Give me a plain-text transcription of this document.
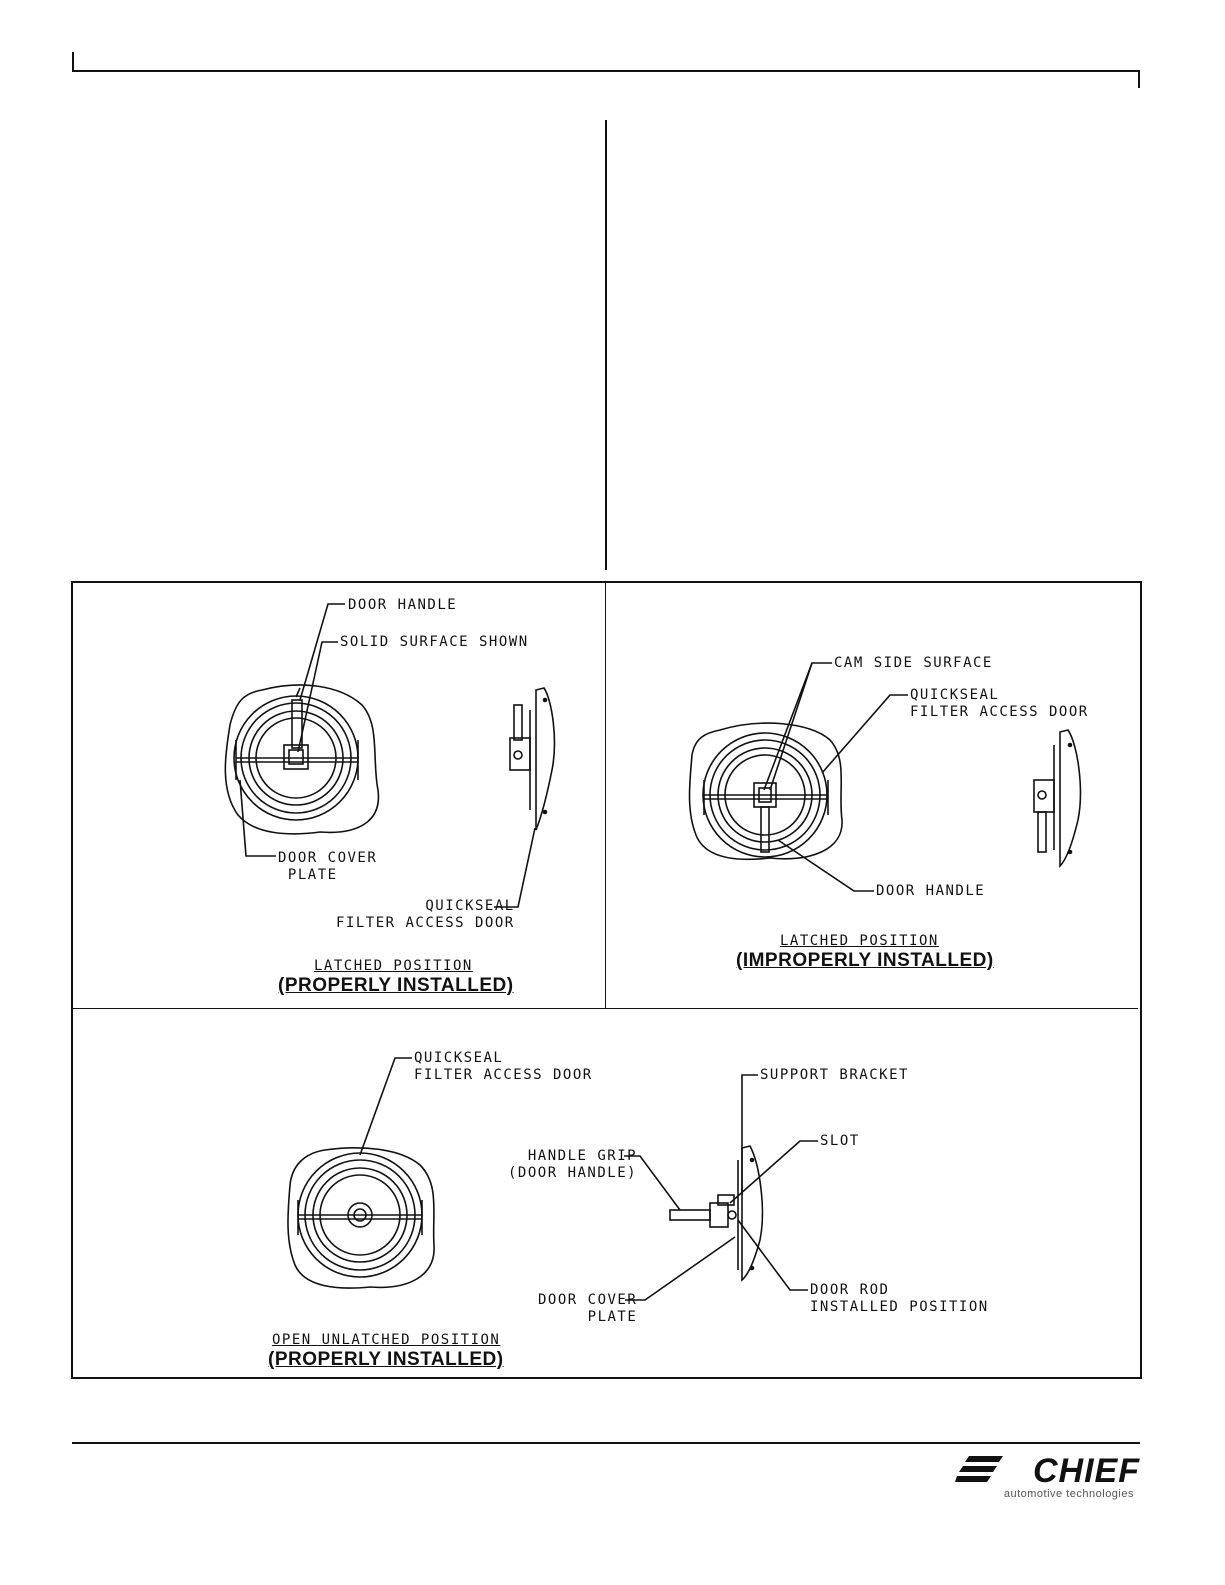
DOOR HANDLE
SOLID SURFACE SHOWN
DOOR COVER
PLATE
QUICKSEAL
FILTER ACCESS DOOR
LATCHED POSITION
(PROPERLY INSTALLED)
CAM SIDE SURFACE
QUICKSEAL
FILTER ACCESS DOOR
DOOR HANDLE
LATCHED POSITION
(IMPROPERLY INSTALLED)
QUICKSEAL
FILTER ACCESS DOOR	SUPPORT BRACKET
SLOT
HANDLE GRIP
(DOOR HANDLE)
DOOR COVER
PLATE
DOOR ROD
INSTALLED POSITION
OPEN UNLATCHED POSITION
(PROPERLY INSTALLED)
CHIEF
automotive technologies
